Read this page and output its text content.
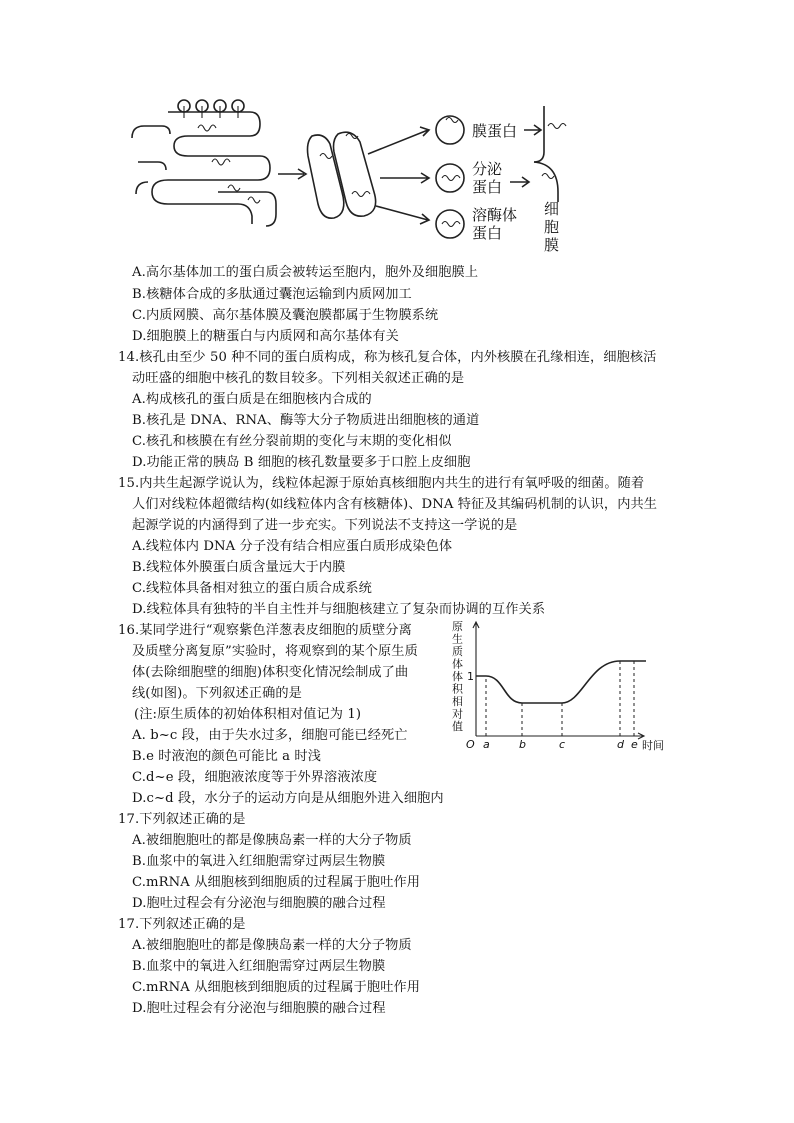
膜蛋白
分泌
蛋白
溶酶体
蛋白
细
胞
膜
A.高尔基体加工的蛋白质会被转运至胞内，胞外及细胞膜上
B.核糖体合成的多肽通过囊泡运输到内质网加工
C.内质网膜、高尔基体膜及囊泡膜都属于生物膜系统
D.细胞膜上的糖蛋白与内质网和高尔基体有关
14.核孔由至少 50 种不同的蛋白质构成，称为核孔复合体，内外核膜在孔缘相连，细胞核活
动旺盛的细胞中核孔的数目较多。下列相关叙述正确的是
A.构成核孔的蛋白质是在细胞核内合成的
B.核孔是 DNA、RNA、酶等大分子物质进出细胞核的通道
C.核孔和核膜在有丝分裂前期的变化与末期的变化相似
D.功能正常的胰岛 B 细胞的核孔数量要多于口腔上皮细胞
15.内共生起源学说认为，线粒体起源于原始真核细胞内共生的进行有氧呼吸的细菌。随着
人们对线粒体超微结构(如线粒体内含有核糖体)、DNA 特征及其编码机制的认识，内共生
起源学说的内涵得到了进一步充实。下列说法不支持这一学说的是
A.线粒体内 DNA 分子没有结合相应蛋白质形成染色体
B.线粒体外膜蛋白质含量远大于内膜
C.线粒体具备相对独立的蛋白质合成系统
D.线粒体具有独特的半自主性并与细胞核建立了复杂而协调的互作关系
16.某同学进行“观察紫色洋葱表皮细胞的质壁分离
及质壁分离复原”实验时，将观察到的某个原生质
体(去除细胞壁的细胞)体积变化情况绘制成了曲
线(如图)。下列叙述正确的是
(注:原生质体的初始体积相对值记为 1)
A. b~c 段，由于失水过多，细胞可能已经死亡
B.e 时液泡的颜色可能比 a 时浅
C.d~e 段，细胞液浓度等于外界溶液浓度
D.c~d 段，水分子的运动方向是从细胞外进入细胞内
原
生
质
体
体
积
相
对
值
1
O a	b	c	d e 时间
17.下列叙述正确的是
A.被细胞胞吐的都是像胰岛素一样的大分子物质
B.血浆中的氧进入红细胞需穿过两层生物膜
C.mRNA 从细胞核到细胞质的过程属于胞吐作用
D.胞吐过程会有分泌泡与细胞膜的融合过程
17.下列叙述正确的是
A.被细胞胞吐的都是像胰岛素一样的大分子物质
B.血浆中的氧进入红细胞需穿过两层生物膜
C.mRNA 从细胞核到细胞质的过程属于胞吐作用
D.胞吐过程会有分泌泡与细胞膜的融合过程
